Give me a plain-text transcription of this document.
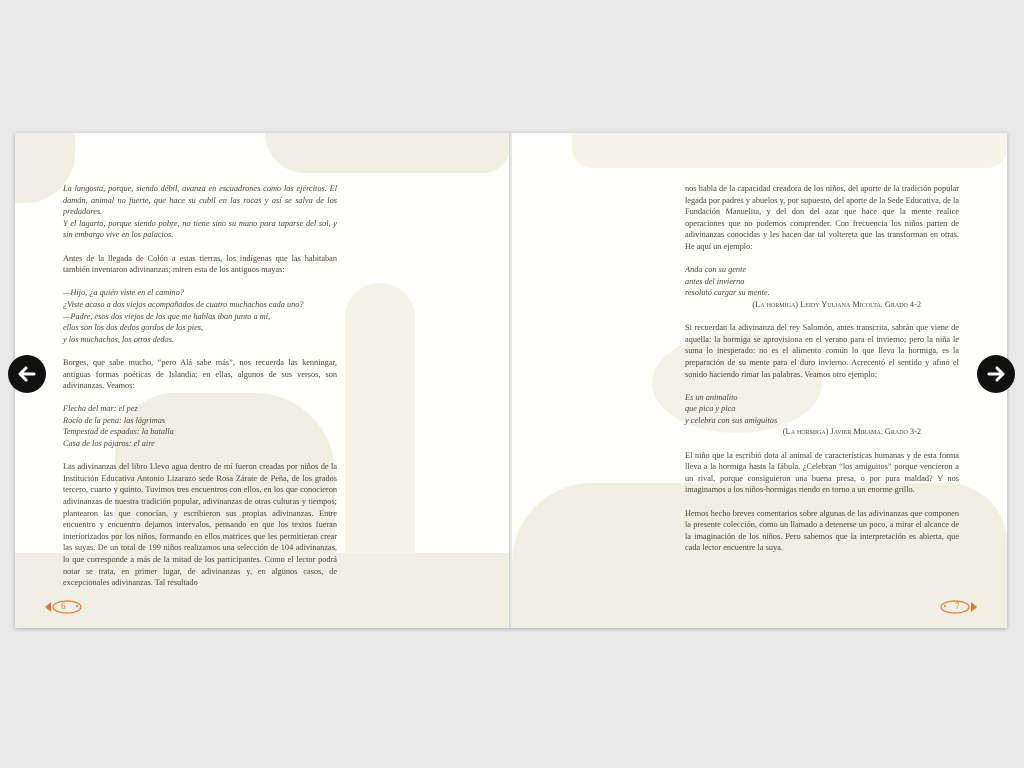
La langosta, porque, siendo débil, avanza en escuadrones como los ejércitos. El damán, animal no fuerte, que hace su cubil en las rocas y así se salva de los predadores.
Y el lagarto, porque siendo pobre, no tiene sino su mano para taparse del sol, y sin embargo vive en los palacios.

Antes de la llegada de Colón a estas tierras, los indígenas que las habitaban también inventaron adivinanzas; miren esta de los antiguos mayas:

—Hijo, ¿a quién viste en el camino?
¿Viste acaso a dos viejos acompañados de cuatro muchachos cada uno?
—Padre, esos dos viejos de los que me hablas iban junto a mí,
ellos son los dos dedos gordos de los pies,
y los muchachos, los otros dedos.

Borges, que sabe mucho, “pero Alá sabe más”, nos recuerda las kenningar, antiguas formas poéticas de Islandia; en ellas, algunos de sus versos, son adivinanzas. Veamos:

Flecha del mar: el pez
Rocío de la pena: las lágrimas
Tempestad de espadas: la batalla
Casa de los pájaros: el aire

Las adivinanzas del libro Llevo agua dentro de mí fueron creadas por niños de la Institución Educativa Antonio Lizarazo sede Rosa Zárate de Peña, de los grados tercero, cuarto y quinto. Tuvimos tres encuentros con ellos, en los que conocieron adivinanzas de nuestra tradición popular, adivinanzas de otras culturas y tiempos; plantearon las que conocían, y escribieron sus propias adivinanzas. Entre encuentro y encuentro dejamos intervalos, pensando en que los textos fueran interiorizados por los niños, formando en ellos matrices que les permitieran crear las suyas. De un total de 199 niños realizamos una selección de 104 adivinanzas, lo que corresponde a más de la mitad de los participantes. Como el lector podrá notar se trata, en primer lugar, de adivinanzas y, en algunos casos, de excepcionales adivinanzas. Tal resultado

6

nos habla de la capacidad creadora de los niños, del aporte de la tradición popular legada por padres y abuelos y, por supuesto, del aporte de la Sede Educativa, de la Fundación Manuelita, y del don del azar que hace que la mente realice operaciones que no podemos comprender. Con frecuencia los niños parten de adivinanzas conocidas y les hacen dar tal voltereta que las transforman en otras. He aquí un ejemplo:

Anda con su gente
antes del invierno
resolutó cargar su mente.
(La hormiga) Leidy Yuliana Micolta. Grado 4-2

Si recuerdan la adivinanza del rey Salomón, antes transcrita, sabrán que viene de aquella: la hormiga se aprovisiona en el verano para el invierno; pero la niña le suma lo inesperado: no es el alimento común lo que lleva la hormiga, es la preparación de su mente para el duro invierno. Acrecentó el sentido y afinó el sonido haciendo rimar las palabras. Veamos otro ejemplo:

Es un animalito
que pica y pica
y celebra con sus amiguitos
(La hormiga) Javier Mirama. Grado 3-2

El niño que la escribió dota al animal de características humanas y de esta forma lleva a la hormiga hasta la fábula. ¿Celebran “los amiguitos” porque vencieron a un rival, porque consiguieron una buena presa, o por pura maldad? Y nos imaginamos a los niños-hormigas riendo en torno a un enorme grillo.

Hemos hecho breves comentarios sobre algunas de las adivinanzas que componen la presente colección, como un llamado a detenerse un poco, a mirar el alcance de la imaginación de los niños. Pero sabemos que la interpretación es abierta, que cada lector encuentre la suya.

7
